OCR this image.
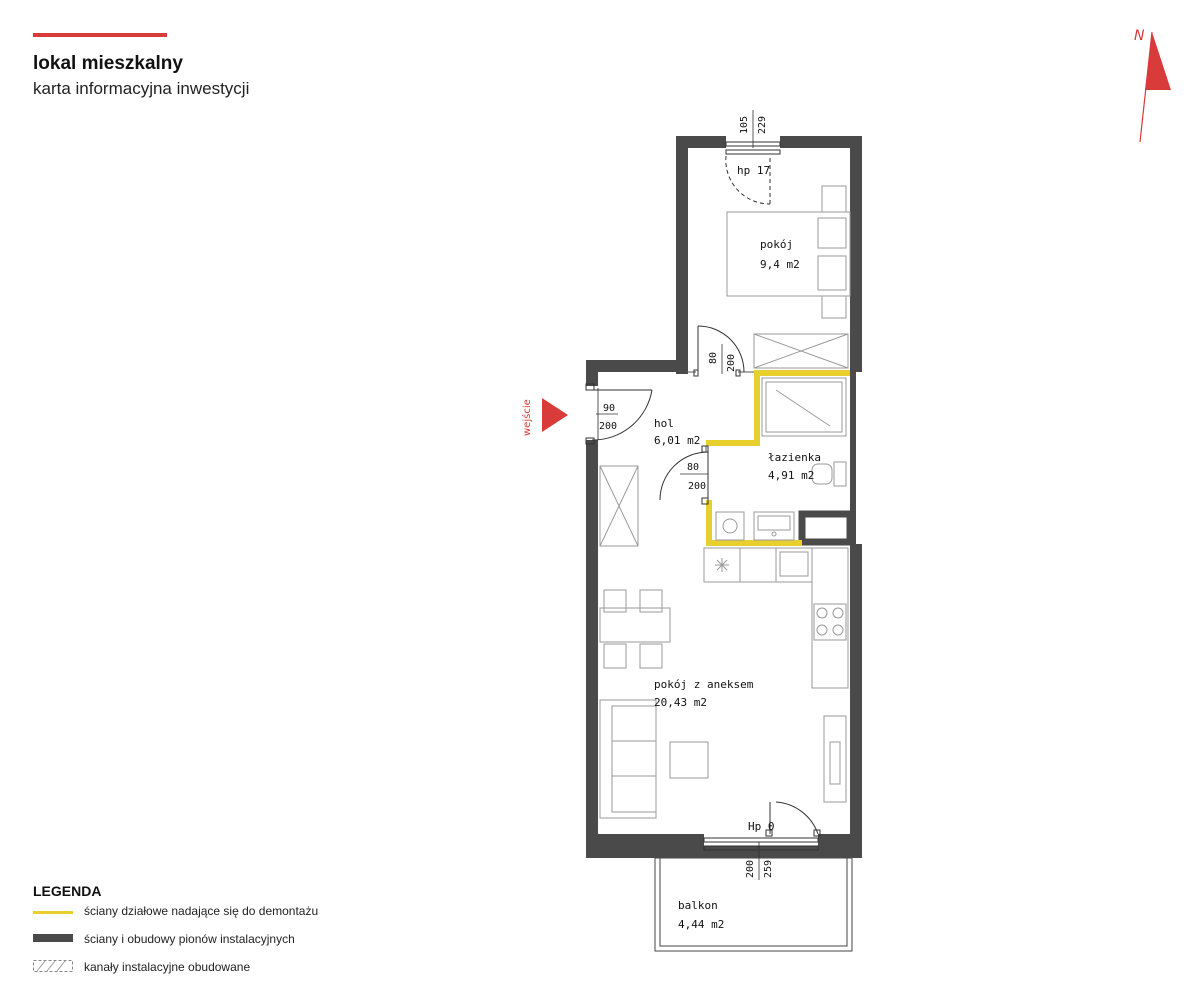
lokal mieszkalny
karta informacyjna inwestycji
N
105 229
hp 17
80 200
90
200
wejście
80
200
Hp 0
200 259
pokój
9,4 m2
hol
6,01 m2
łazienka
4,91 m2
pokój z aneksem
20,43 m2
balkon
4,44 m2
LEGENDA
ściany działowe nadające się do demontażu
ściany i obudowy pionów instalacyjnych
kanały instalacyjne obudowane
